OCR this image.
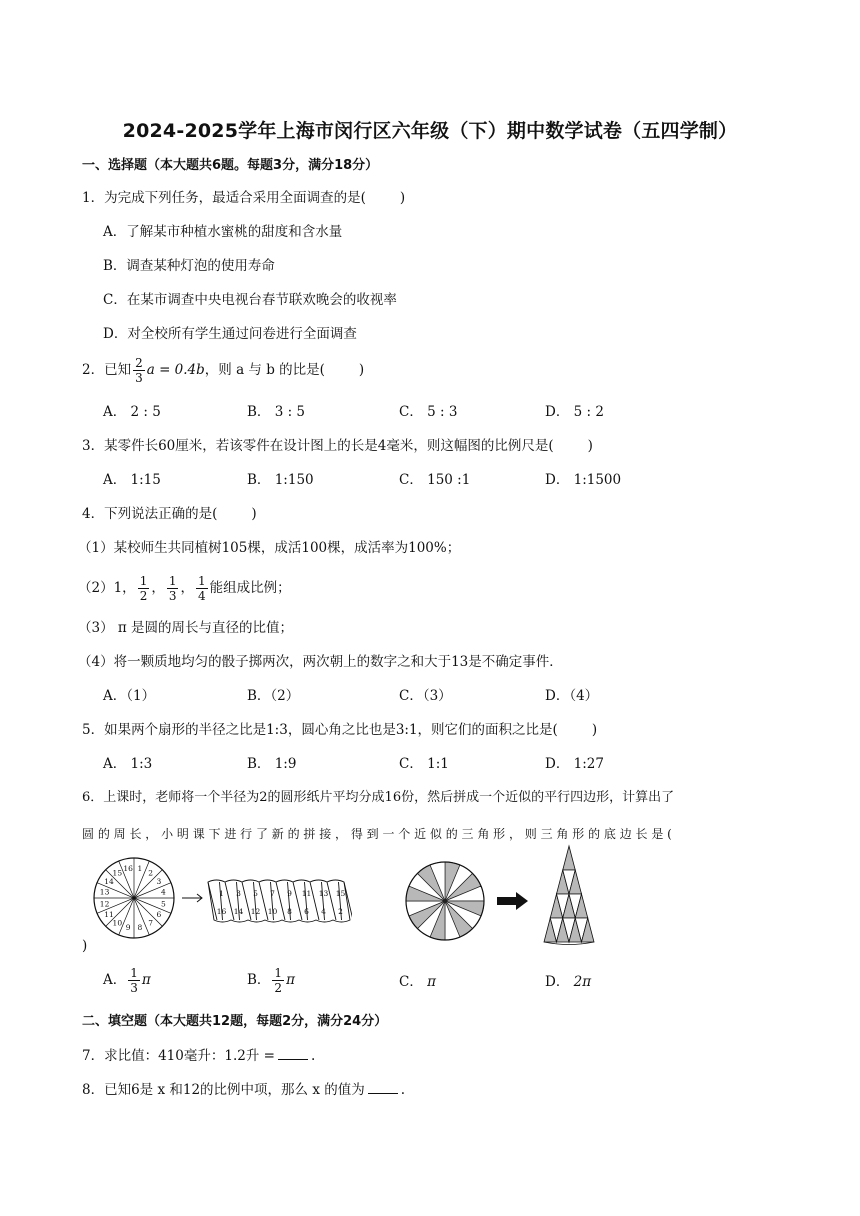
2024-2025学年上海市闵行区六年级（下）期中数学试卷（五四学制）
一、选择题（本大题共6题。每题3分，满分18分）
1．为完成下列任务，最适合采用全面调查的是(	)
A．了解某市种植水蜜桃的甜度和含水量
B．调查某种灯泡的使用寿命
C．在某市调查中央电视台春节联欢晚会的收视率
D．对全校所有学生通过问卷进行全面调查
2．已知 $\frac{2}{3}$ a = 0.4b，则 a 与 b 的比是(	)
A． 2 : 5	B． 3 : 5	C． 5 : 3	D． 5 : 2
3．某零件长60厘米，若该零件在设计图上的长是4毫米，则这幅图的比例尺是(	)
A． 1:15	B． 1:150	C． 150 :1	D． 1:1500
4．下列说法正确的是(	)
（1）某校师生共同植树105棵，成活100棵，成活率为100%；
（2）1， $\frac{1}{2}$ ， $\frac{1}{3}$ ， $\frac{1}{4}$ 能组成比例；
（3） π 是圆的周长与直径的比值；
（4）将一颗质地均匀的骰子掷两次，两次朝上的数字之和大于13是不确定事件．
A．（1）	B．（2）	C．（3）	D．（4）
5．如果两个扇形的半径之比是1:3，圆心角之比也是3:1，则它们的面积之比是(	)
A． 1:3	B． 1:9	C． 1:1	D． 1:27
6．上课时，老师将一个半径为2的圆形纸片平均分成16份，然后拼成一个近似的平行四边形，计算出了
圆 的 周 长 ， 小 明 课 下 进 行 了 新 的 拼 接 ， 得 到 一 个 近 似 的 三 角 形 ， 则 三 角 形 的 底 边 长 是 (
1 2
3
4
5
6
7
8
9
10
11
12
13
14
15 16
1
16
3
14
5
12
7
10
9
8
11
6
13
4
15
2
)
A． $\frac{1}{3}$ π	B． $\frac{1}{2}$ π	C． π	D． 2π
二、填空题（本大题共12题，每题2分，满分24分）
7．求比值：410毫升：1.2升 =	.
8．已知6是 x 和12的比例中项，那么 x 的值为	.
